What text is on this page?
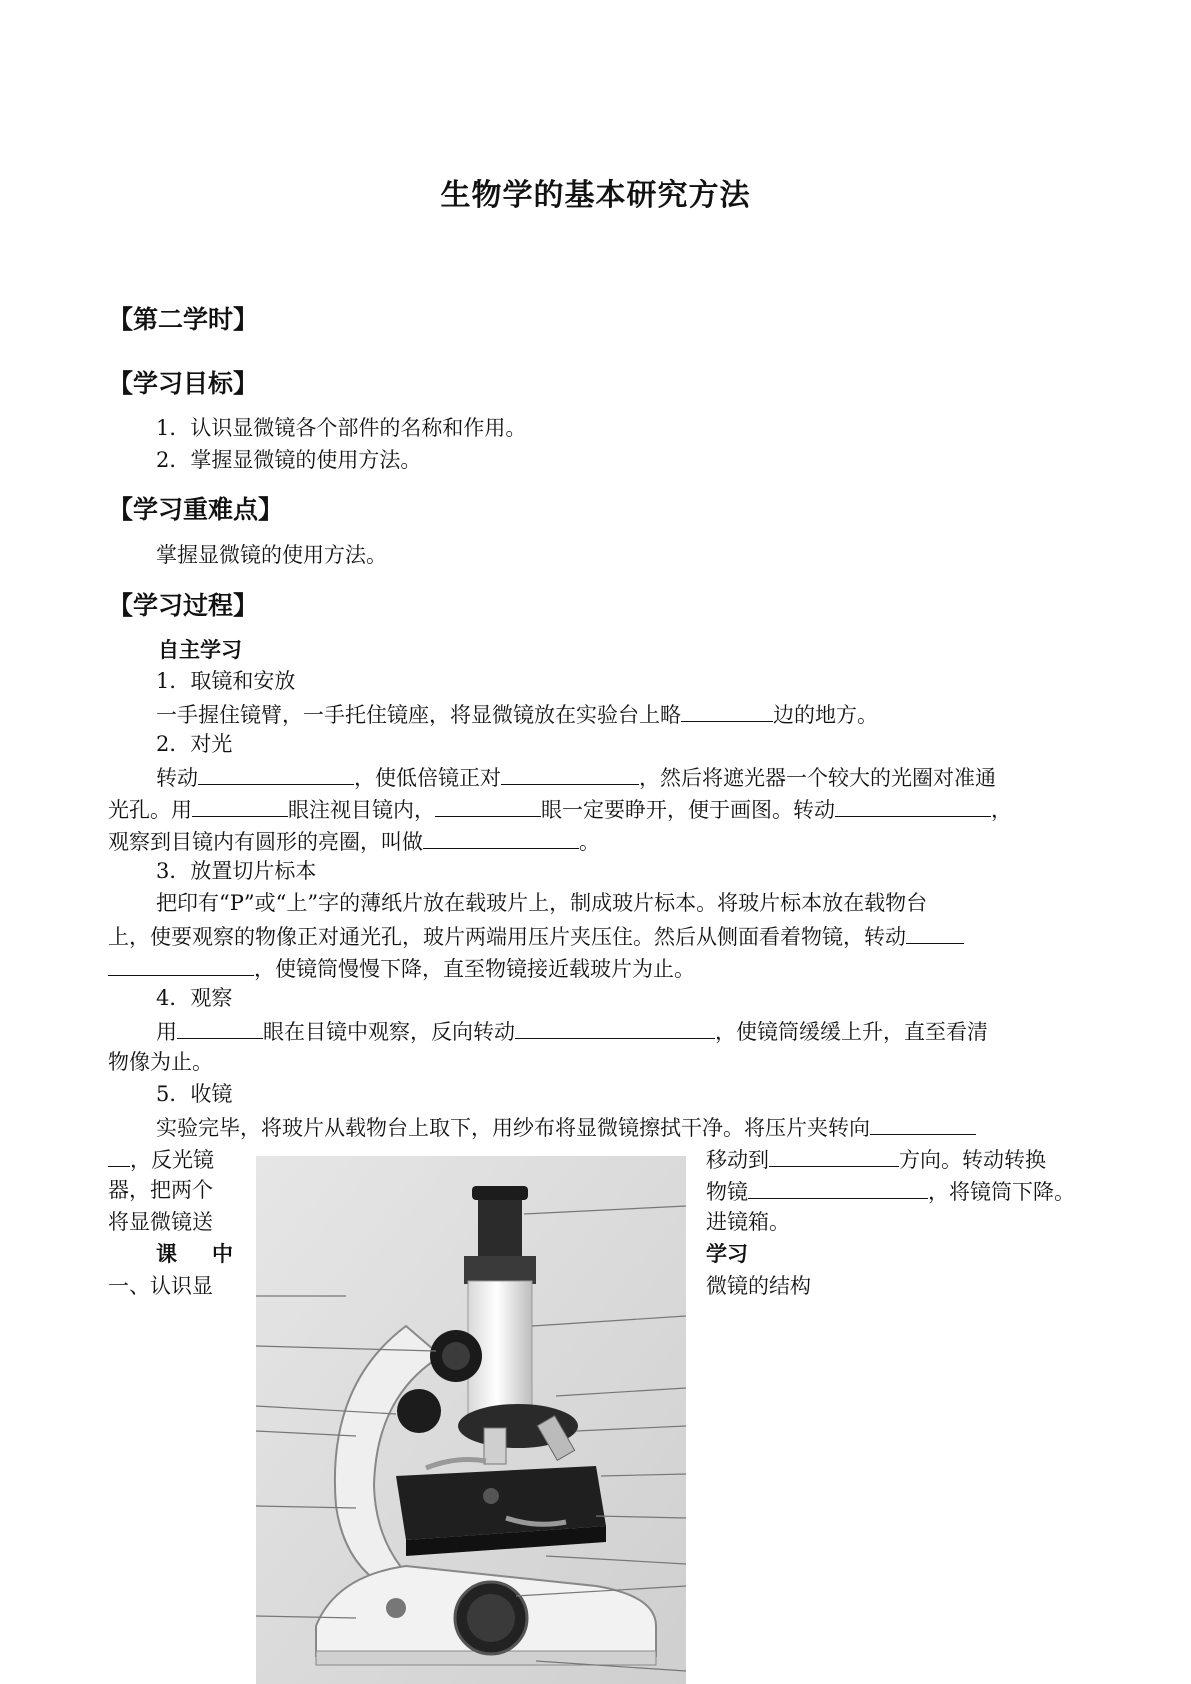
生物学的基本研究方法
【第二学时】
【学习目标】
1．认识显微镜各个部件的名称和作用。
2．掌握显微镜的使用方法。
【学习重难点】
掌握显微镜的使用方法。
【学习过程】
自主学习
1．取镜和安放
一手握住镜臂，一手托住镜座，将显微镜放在实验台上略	边的地方。
2．对光
转动	，使低倍镜正对	，然后将遮光器一个较大的光圈对准通
光孔。用	眼注视目镜内，	眼一定要睁开，便于画图。转动	，
观察到目镜内有圆形的亮圈，叫做	。
3．放置切片标本
把印有“P”或“上”字的薄纸片放在载玻片上，制成玻片标本。将玻片标本放在载物台
上，使要观察的物像正对通光孔，玻片两端用压片夹压住。然后从侧面看着物镜，转动
，使镜筒慢慢下降，直至物镜接近载玻片为止。
4．观察
用	眼在目镜中观察，反向转动	，使镜筒缓缓上升，直至看清
物像为止。
5．收镜
实验完毕，将玻片从载物台上取下，用纱布将显微镜擦拭干净。将压片夹转向
，反光镜	移动到	方向。转动转换
器，把两个	物镜	，将镜筒下降。
将显微镜送	进镜箱。
课 中	学习
一、认识显	微镜的结构
